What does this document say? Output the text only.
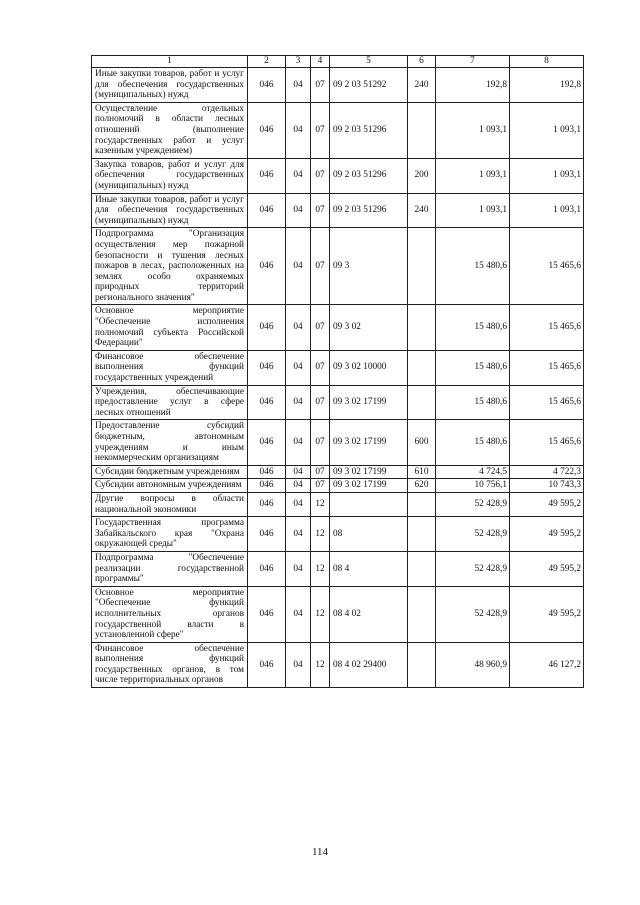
1	2	3	4	5	6	7	8
Иные закупки товаров, работ и услуг для обеспечения государственных (муниципальных) нужд	046	04	07	09 2 03 51292	240	192,8	192,8
Осуществление отдельных полномочий в области лесных отношений (выполнение государственных работ и услуг казенным учреждением)	046	04	07	09 2 03 51296		1 093,1	1 093,1
Закупка товаров, работ и услуг для обеспечения государственных (муниципальных) нужд	046	04	07	09 2 03 51296	200	1 093,1	1 093,1
Иные закупки товаров, работ и услуг для обеспечения государственных (муниципальных) нужд	046	04	07	09 2 03 51296	240	1 093,1	1 093,1
Подпрограмма "Организация осуществления мер пожарной безопасности и тушения лесных пожаров в лесах, расположенных на землях особо охраняемых природных территорий регионального значения"	046	04	07	09 3		15 480,6	15 465,6
Основное мероприятие "Обеспечение исполнения полномочий субъекта Российской Федерации"	046	04	07	09 3 02		15 480,6	15 465,6
Финансовое обеспечение выполнения функций государственных учреждений	046	04	07	09 3 02 10000		15 480,6	15 465,6
Учреждения, обеспечивающие предоставление услуг в сфере лесных отношений	046	04	07	09 3 02 17199		15 480,6	15 465,6
Предоставление субсидий бюджетным, автономным учреждениям и иным некоммерческим организациям	046	04	07	09 3 02 17199	600	15 480,6	15 465,6
Субсидии бюджетным учреждениям	046	04	07	09 3 02 17199	610	4 724,5	4 722,3
Субсидии автономным учреждениям	046	04	07	09 3 02 17199	620	10 756,1	10 743,3
Другие вопросы в области национальной экономики	046	04	12			52 428,9	49 595,2
Государственная программа Забайкальского края "Охрана окружающей среды"	046	04	12	08		52 428,9	49 595,2
Подпрограмма "Обеспечение реализации государственной программы"	046	04	12	08 4		52 428,9	49 595,2
Основное мероприятие "Обеспечение функций исполнительных органов государственной власти в установленной сфере"	046	04	12	08 4 02		52 428,9	49 595,2
Финансовое обеспечение выполнения функций государственных органов, в том числе территориальных органов	046	04	12	08 4 02 29400		48 960,9	46 127,2
114
